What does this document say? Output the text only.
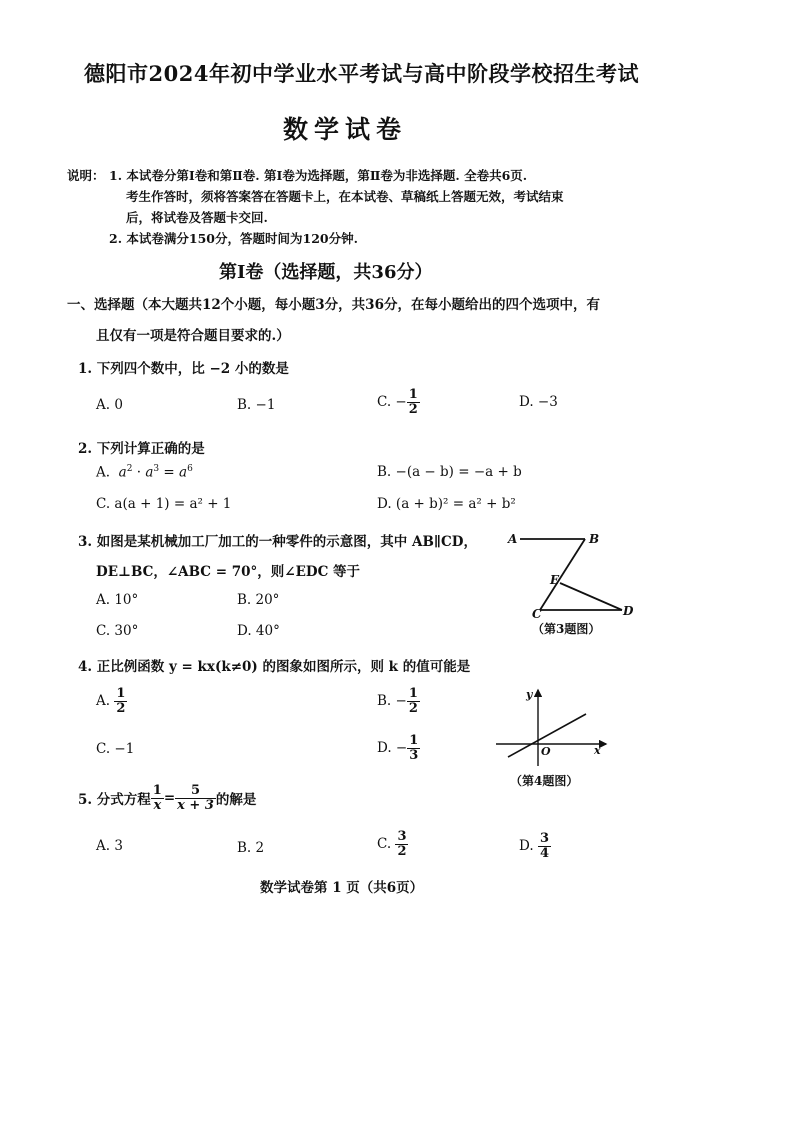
德阳市2024年初中学业水平考试与高中阶段学校招生考试
数学试卷
说明： 1. 本试卷分第Ⅰ卷和第Ⅱ卷. 第Ⅰ卷为选择题，第Ⅱ卷为非选择题. 全卷共6页.
考生作答时，须将答案答在答题卡上，在本试卷、草稿纸上答题无效，考试结束
后，将试卷及答题卡交回.
2. 本试卷满分150分，答题时间为120分钟.
第Ⅰ卷（选择题，共36分）
一、选择题（本大题共12个小题，每小题3分，共36分，在每小题给出的四个选项中，有
且仅有一项是符合题目要求的.）
1. 下列四个数中，比 −2 小的数是
A. 0	B. −1	C. − $\frac{1}{2}$	D. −3
2. 下列计算正确的是
A. $a^2 \cdot a^3 = a^6$	B. −(a − b) = −a + b
C. a(a + 1) = a² + 1	D. (a + b)² = a² + b²
3. 如图是某机械加工厂加工的一种零件的示意图，其中 AB∥CD，
DE⊥BC，∠ABC = 70°，则∠EDC 等于
A. 10°	B. 20°
C. 30°	D. 40°
A	B
E
C	D
（第3题图）
4. 正比例函数 y = kx(k≠0) 的图象如图所示，则 k 的值可能是
A. $\frac{1}{2}$	B. − $\frac{1}{2}$
C. −1	D. − $\frac{1}{3}$
y
x
O
（第4题图）
5. 分式方程 $\frac{1}{x} = \frac{5}{x + 3}$ 的解是
A. 3	B. 2	C. $\frac{3}{2}$	D. $\frac{3}{4}$
数学试卷第 1 页（共6页）
